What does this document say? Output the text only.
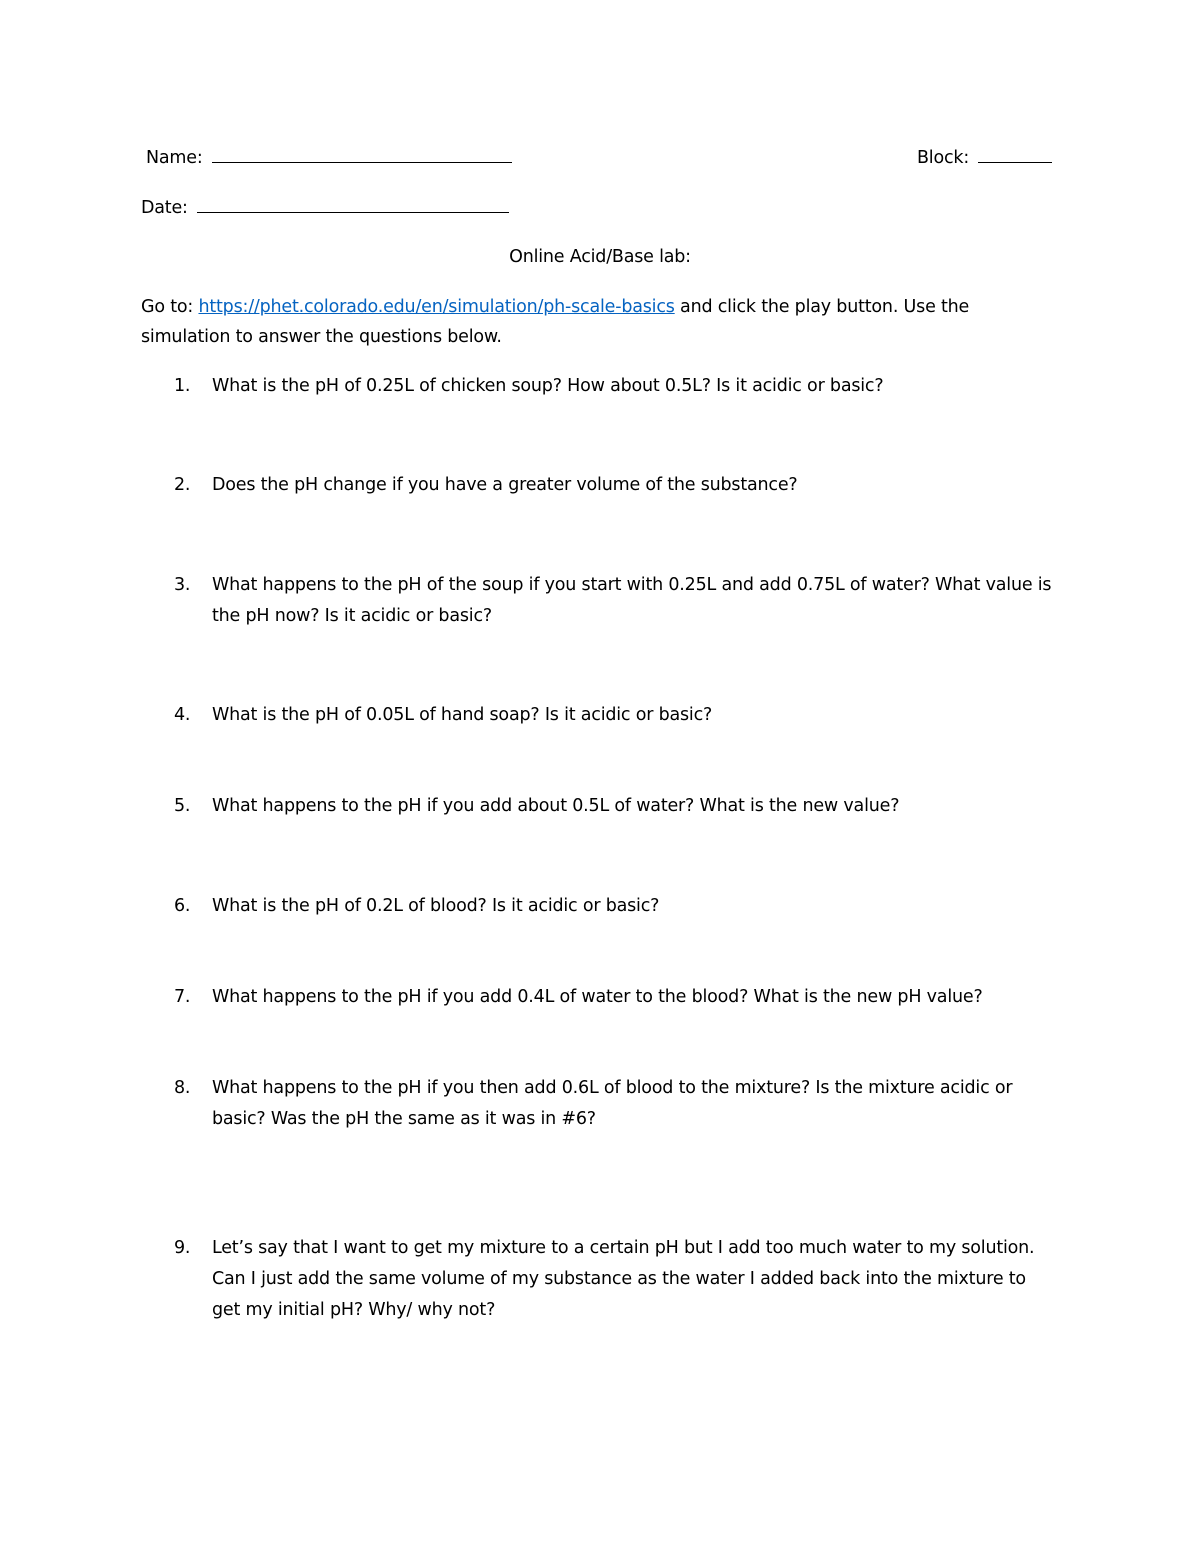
Name:	Block:
Date:
Online Acid/Base lab:
Go to: https://phet.colorado.edu/en/simulation/ph-scale-basics and click the play button. Use the
simulation to answer the questions below.
1.	What is the pH of 0.25L of chicken soup? How about 0.5L? Is it acidic or basic?
2.	Does the pH change if you have a greater volume of the substance?
3.	What happens to the pH of the soup if you start with 0.25L and add 0.75L of water? What value is the pH now? Is it acidic or basic?
4.	What is the pH of 0.05L of hand soap? Is it acidic or basic?
5.	What happens to the pH if you add about 0.5L of water? What is the new value?
6.	What is the pH of 0.2L of blood? Is it acidic or basic?
7.	What happens to the pH if you add 0.4L of water to the blood? What is the new pH value?
8.	What happens to the pH if you then add 0.6L of blood to the mixture? Is the mixture acidic or basic? Was the pH the same as it was in #6?
9.	Let’s say that I want to get my mixture to a certain pH but I add too much water to my solution. Can I just add the same volume of my substance as the water I added back into the mixture to get my initial pH? Why/ why not?
